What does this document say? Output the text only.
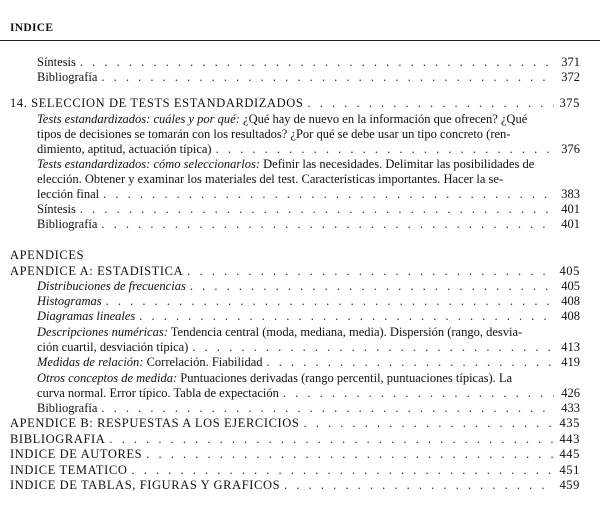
INDICE
Síntesis . . .	371
Bibliografía . . .	372
14. SELECCION DE TESTS ESTANDARDIZADOS . . .	375
Tests estandardizados: cuáles y por qué: ¿Qué hay de nuevo en la información que ofrecen? ¿Qué
tipos de decisiones se tomarán con los resultados? ¿Por qué se debe usar un tipo concreto (ren-
dimiento, aptitud, actuación típica) . . .	376
Tests estandardizados: cómo seleccionarlos: Definir las necesidades. Delimitar las posibilidades de
elección. Obtener y examinar los materiales del test. Características importantes. Hacer la se-
lección final . . .	383
Síntesis . . .	401
Bibliografía . . .	401
APENDICES
APENDICE A: ESTADISTICA . . .	405
Distribuciones de frecuencias . . .	405
Histogramas . . .	408
Diagramas lineales . . .	408
Descripciones numéricas: Tendencia central (moda, mediana, media). Dispersión (rango, desvia-
ción cuartil, desviación típica) . . .	413
Medidas de relación: Correlación. Fiabilidad . . .	419
Otros conceptos de medida: Puntuaciones derivadas (rango percentil, puntuaciones típicas). La
curva normal. Error típico. Tabla de expectación . . .	426
Bibliografía . . .	433
APENDICE B: RESPUESTAS A LOS EJERCICIOS . . .	435
BIBLIOGRAFIA . . .	443
INDICE DE AUTORES . . .	445
INDICE TEMATICO . . .	451
INDICE DE TABLAS, FIGURAS Y GRAFICOS . . .	459
